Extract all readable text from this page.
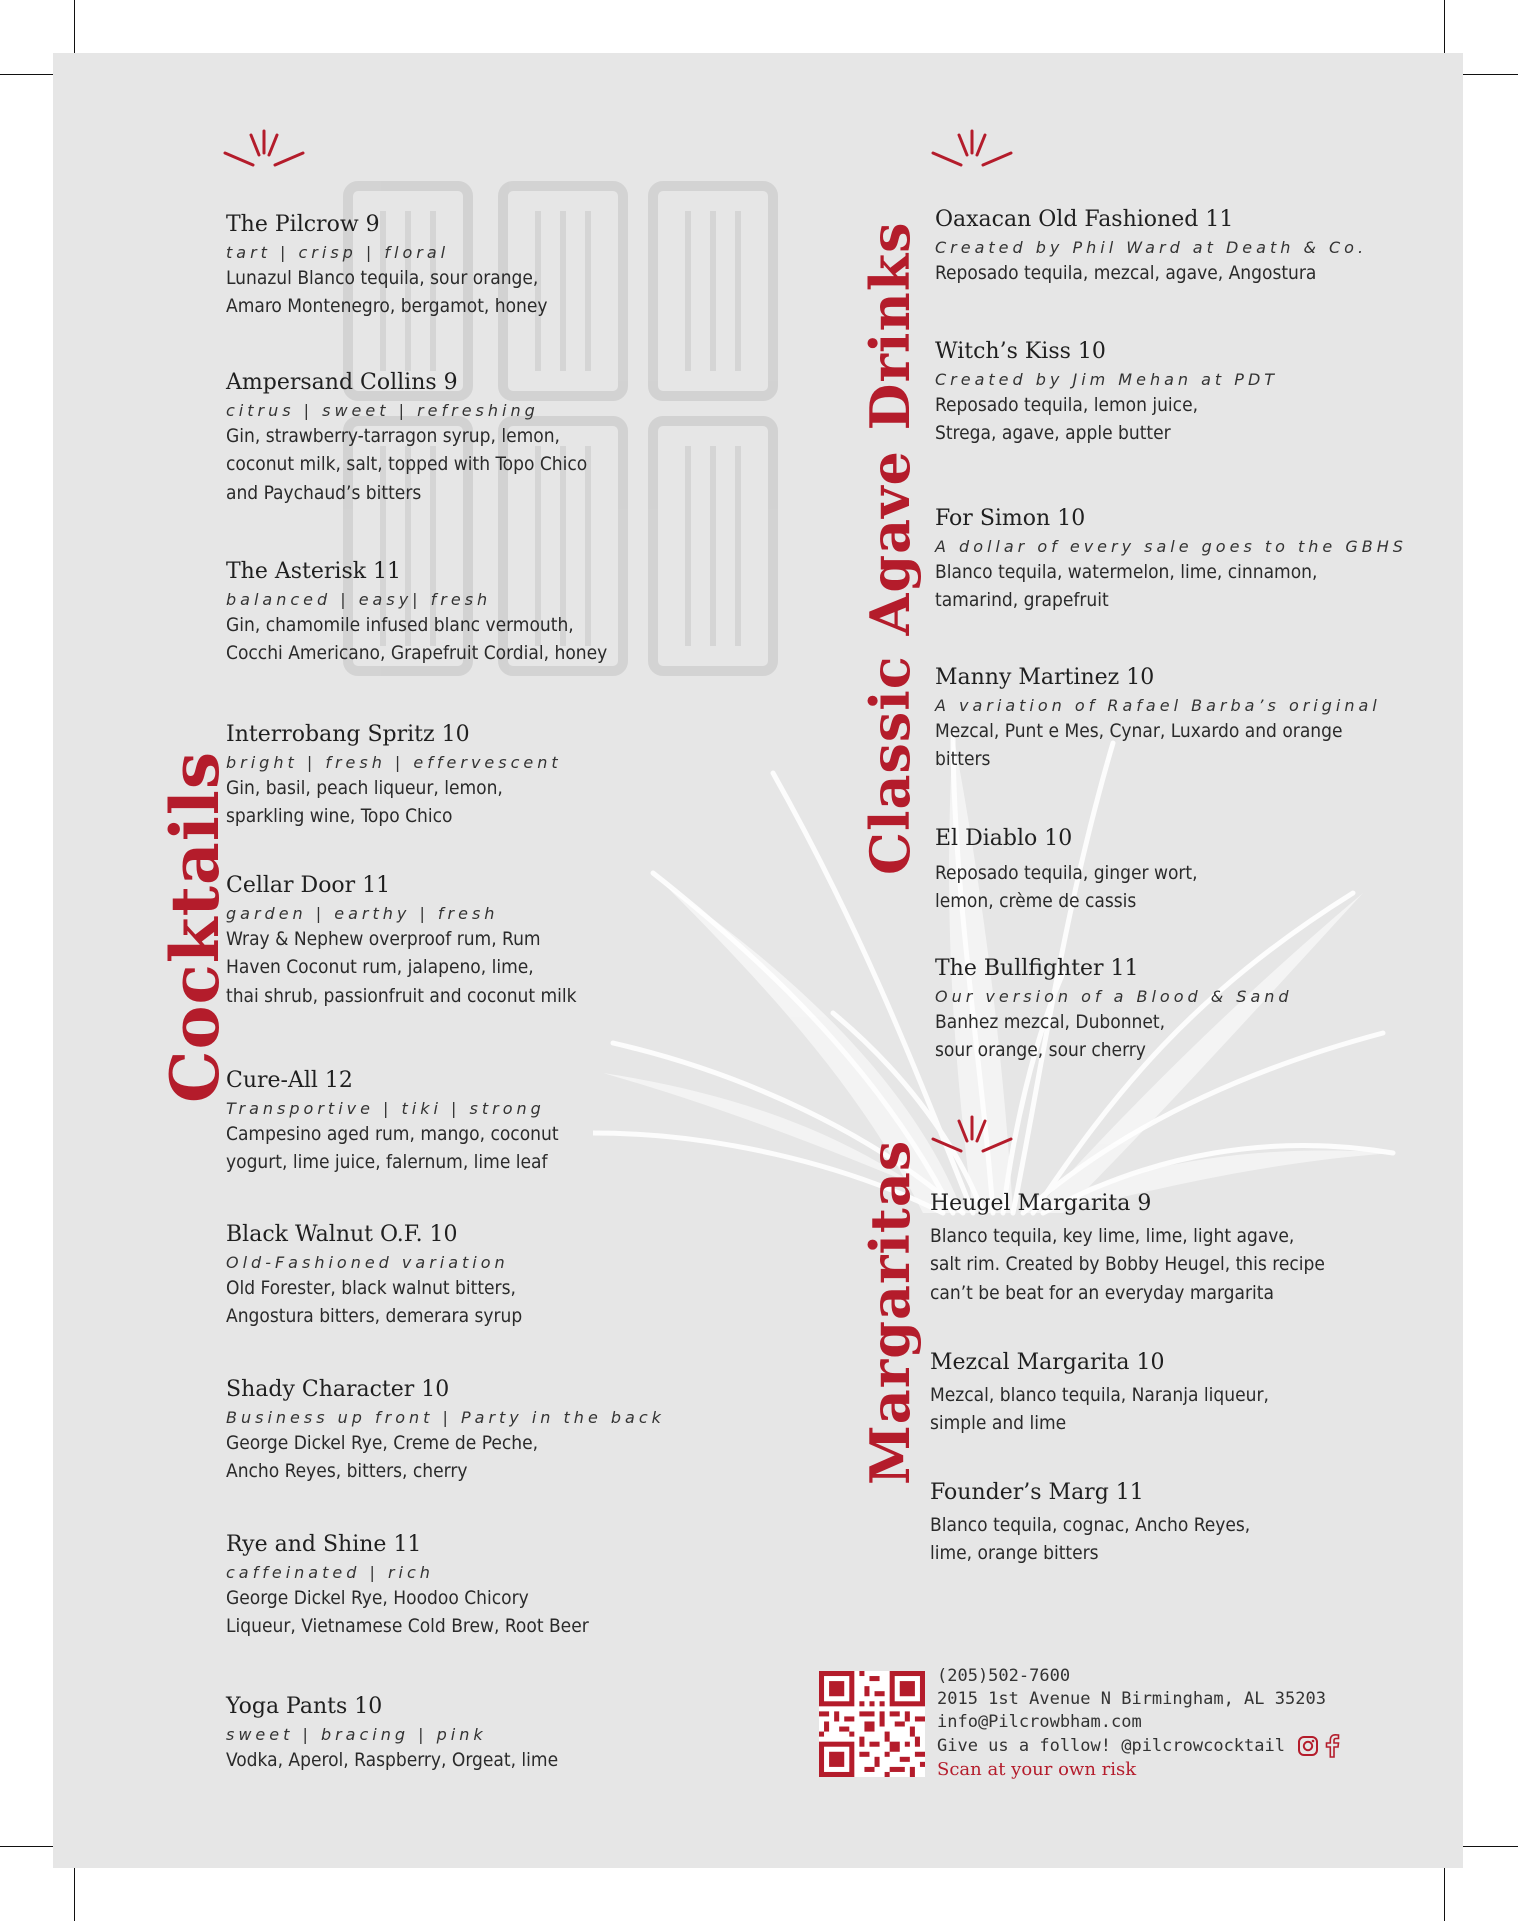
Cocktails
Classic Agave Drinks
Margaritas

The Pilcrow 9

tart | crisp | floral

Lunazul Blanco tequila, sour orange,
Amaro Montenegro, bergamot, honey

Ampersand Collins 9

citrus | sweet | refreshing

Gin, strawberry-tarragon syrup, lemon,
coconut milk, salt, topped with Topo Chico
and Paychaud’s bitters

The Asterisk 11

balanced | easy| fresh

Gin, chamomile infused blanc vermouth,
Cocchi Americano, Grapefruit Cordial, honey

Interrobang Spritz 10

bright | fresh | effervescent

Gin, basil, peach liqueur, lemon,
sparkling wine, Topo Chico

Cellar Door 11

garden | earthy | fresh

Wray & Nephew overproof rum, Rum
Haven Coconut rum, jalapeno, lime,
thai shrub, passionfruit and coconut milk

Cure-All 12

Transportive | tiki | strong

Campesino aged rum, mango, coconut
yogurt, lime juice, falernum, lime leaf

Black Walnut O.F. 10

Old-Fashioned variation

Old Forester, black walnut bitters,
Angostura bitters, demerara syrup

Shady Character 10

Business up front | Party in the back

George Dickel Rye, Creme de Peche,
Ancho Reyes, bitters, cherry

Rye and Shine 11

caffeinated | rich

George Dickel Rye, Hoodoo Chicory
Liqueur, Vietnamese Cold Brew, Root Beer

Yoga Pants 10

sweet | bracing | pink

Vodka, Aperol, Raspberry, Orgeat, lime

Oaxacan Old Fashioned 11

Created by Phil Ward at Death & Co.

Reposado tequila, mezcal, agave, Angostura

Witch’s Kiss 10

Created by Jim Mehan at PDT

Reposado tequila, lemon juice,
Strega, agave, apple butter

For Simon 10

A dollar of every sale goes to the GBHS

Blanco tequila, watermelon, lime, cinnamon,
tamarind, grapefruit

Manny Martinez 10

A variation of Rafael Barba’s original

Mezcal, Punt e Mes, Cynar, Luxardo and orange
bitters

El Diablo 10

Reposado tequila, ginger wort,
lemon, crème de cassis

The Bullfighter 11

Our version of a Blood & Sand

Banhez mezcal, Dubonnet,
sour orange, sour cherry

Heugel Margarita 9

Blanco tequila, key lime, lime, light agave,
salt rim. Created by Bobby Heugel, this recipe
can’t be beat for an everyday margarita

Mezcal Margarita 10

Mezcal, blanco tequila, Naranja liqueur,
simple and lime

Founder’s Marg 11

Blanco tequila, cognac, Ancho Reyes,
lime, orange bitters

(205)502-7600
2015 1st Avenue N Birmingham, AL 35203
info@Pilcrowbham.com
Give us a follow! @pilcrowcocktail
Scan at your own risk
